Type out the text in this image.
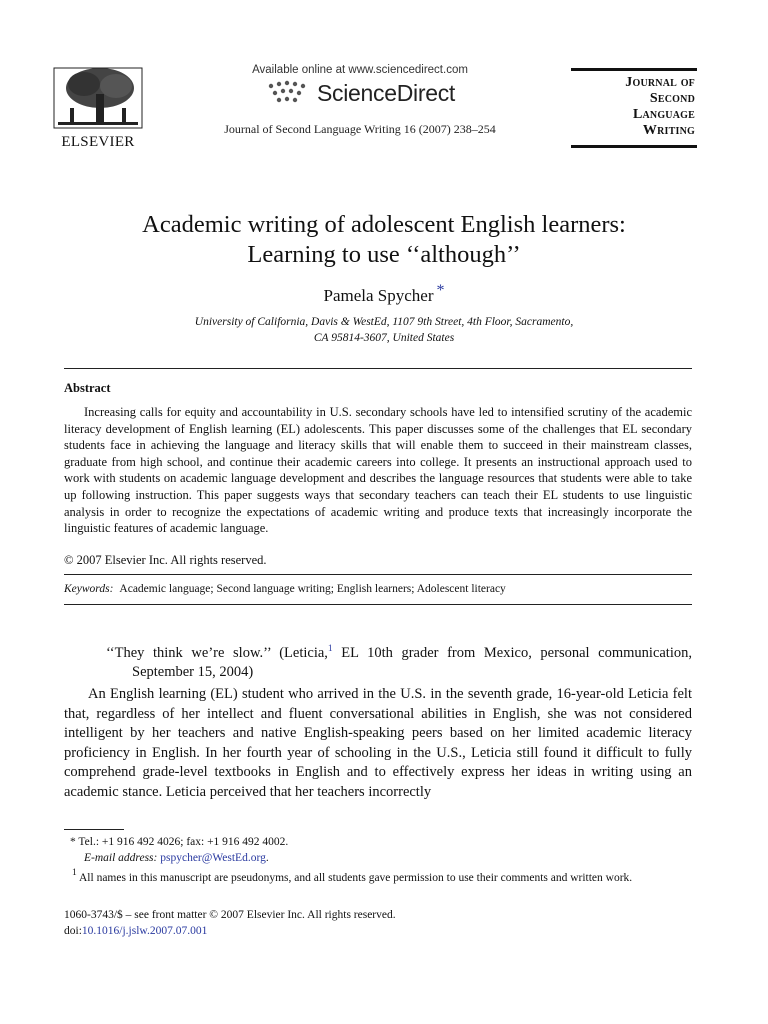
ELSEVIER
Available online at www.sciencedirect.com
ScienceDirect
Journal of Second Language Writing 16 (2007) 238–254
Journal of
Second
Language
Writing
Academic writing of adolescent English learners:
Learning to use ‘‘although’’
Pamela Spycher *
University of California, Davis & WestEd, 1107 9th Street, 4th Floor, Sacramento,
CA 95814-3607, United States
Abstract
Increasing calls for equity and accountability in U.S. secondary schools have led to intensified scrutiny of the academic literacy development of English learning (EL) adolescents. This paper discusses some of the challenges that EL secondary students face in achieving the language and literacy skills that will enable them to succeed in their mainstream classes, graduate from high school, and continue their academic careers into college. It presents an instructional approach used to work with students on academic language development and describes the language resources that students were able to take up following instruction. This paper suggests ways that secondary teachers can teach their EL students to use linguistic analysis in order to recognize the expectations of academic writing and produce texts that increasingly incorporate the linguistic features of academic language.
© 2007 Elsevier Inc. All rights reserved.
Keywords: Academic language; Second language writing; English learners; Adolescent literacy
‘‘They think we’re slow.’’ (Leticia,$^1$ EL 10th grader from Mexico, personal communication, September 15, 2004)
An English learning (EL) student who arrived in the U.S. in the seventh grade, 16-year-old Leticia felt that, regardless of her intellect and fluent conversational abilities in English, she was not considered intelligent by her teachers and native English-speaking peers based on her limited academic literacy proficiency in English. In her fourth year of schooling in the U.S., Leticia still found it difficult to fully comprehend grade-level textbooks in English and to effectively express her ideas in writing using an academic stance. Leticia perceived that her teachers incorrectly
* Tel.: +1 916 492 4026; fax: +1 916 492 4002.
E-mail address: pspycher@WestEd.org.
$^1$ All names in this manuscript are pseudonyms, and all students gave permission to use their comments and written work.
1060-3743/$ – see front matter © 2007 Elsevier Inc. All rights reserved.
doi:10.1016/j.jslw.2007.07.001
